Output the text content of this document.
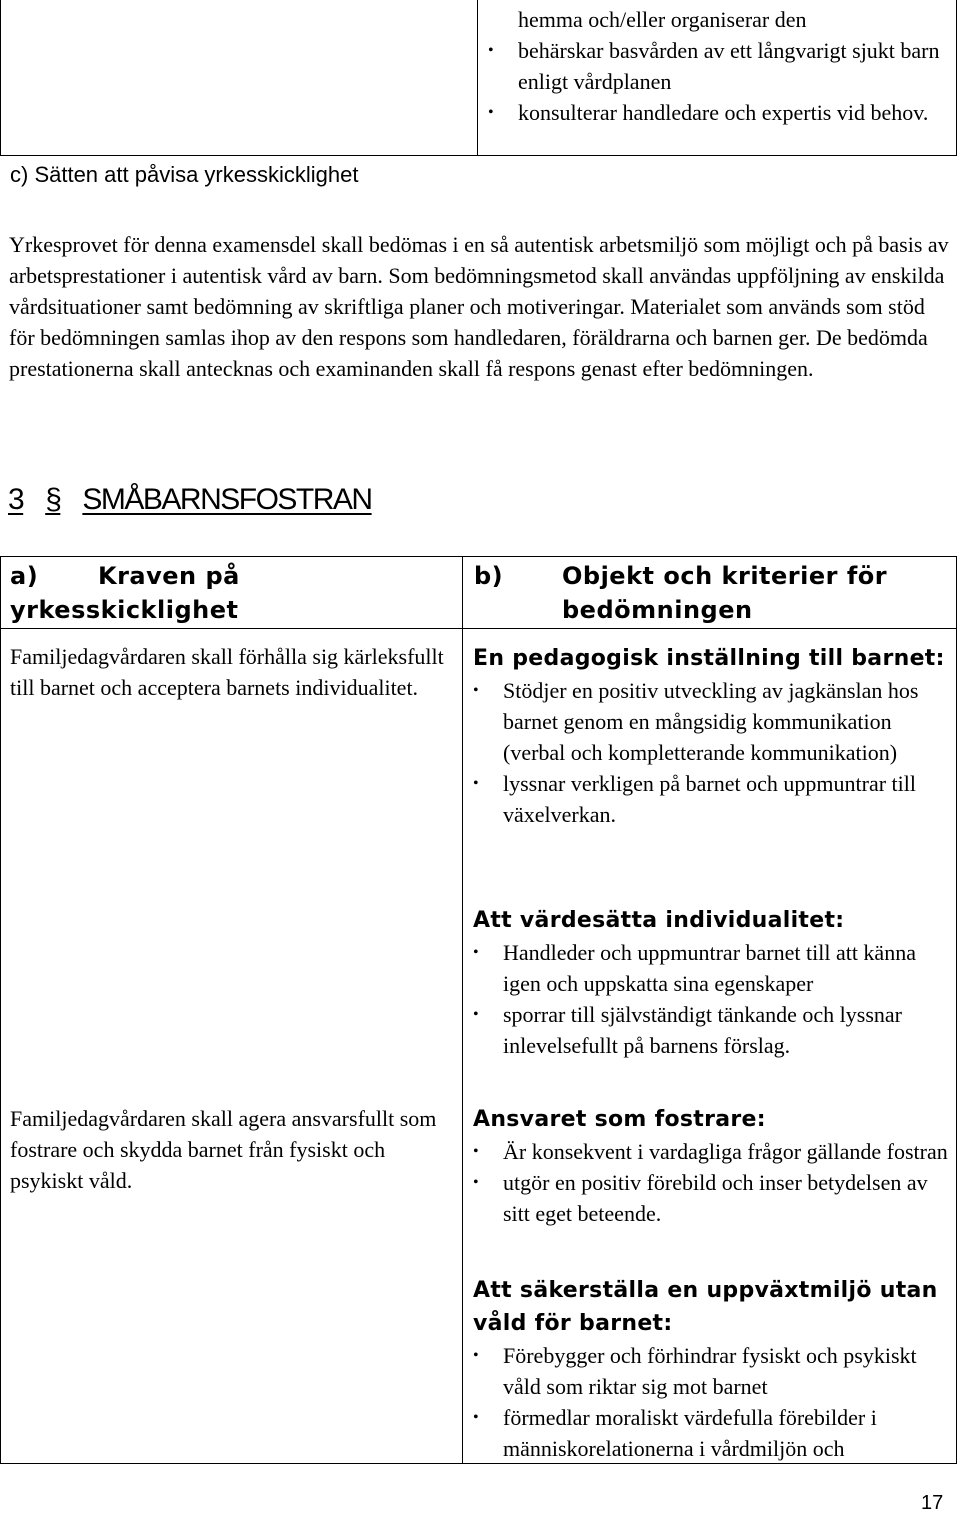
hemma och/eller organiserar den
• behärskar basvården av ett långvarigt sjukt barn enligt vårdplanen
• konsulterar handledare och expertis vid behov.
c) Sätten att påvisa yrkesskicklighet
Yrkesprovet för denna examensdel skall bedömas i en så autentisk arbetsmiljö som möjligt och på basis av arbetsprestationer i autentisk vård av barn. Som bedömningsmetod skall användas uppföljning av enskilda vårdsituationer samt bedömning av skriftliga planer och motiveringar. Materialet som används som stöd för bedömningen samlas ihop av den respons som handledaren, föräldrarna och barnen ger. De bedömda prestationerna skall antecknas och examinanden skall få respons genast efter bedömningen.
3 § SMÅBARNSFOSTRAN
a) Kraven på yrkesskicklighet
b) Objekt och kriterier för bedömningen
Familjedagvårdaren skall förhålla sig kärleksfullt till barnet och acceptera barnets individualitet.
Familjedagvårdaren skall agera ansvarsfullt som fostrare och skydda barnet från fysiskt och psykiskt våld.
En pedagogisk inställning till barnet:
• Stödjer en positiv utveckling av jagkänslan hos barnet genom en mångsidig kommunikation (verbal och kompletterande kommunikation)
• lyssnar verkligen på barnet och uppmuntrar till växelverkan.
Att värdesätta individualitet:
• Handleder och uppmuntrar barnet till att känna igen och uppskatta sina egenskaper
• sporrar till självständigt tänkande och lyssnar inlevelsefullt på barnens förslag.
Ansvaret som fostrare:
• Är konsekvent i vardagliga frågor gällande fostran
• utgör en positiv förebild och inser betydelsen av sitt eget beteende.
Att säkerställa en uppväxtmiljö utan våld för barnet:
• Förebygger och förhindrar fysiskt och psykiskt våld som riktar sig mot barnet
• förmedlar moraliskt värdefulla förebilder i människorelationerna i vårdmiljön och
17
